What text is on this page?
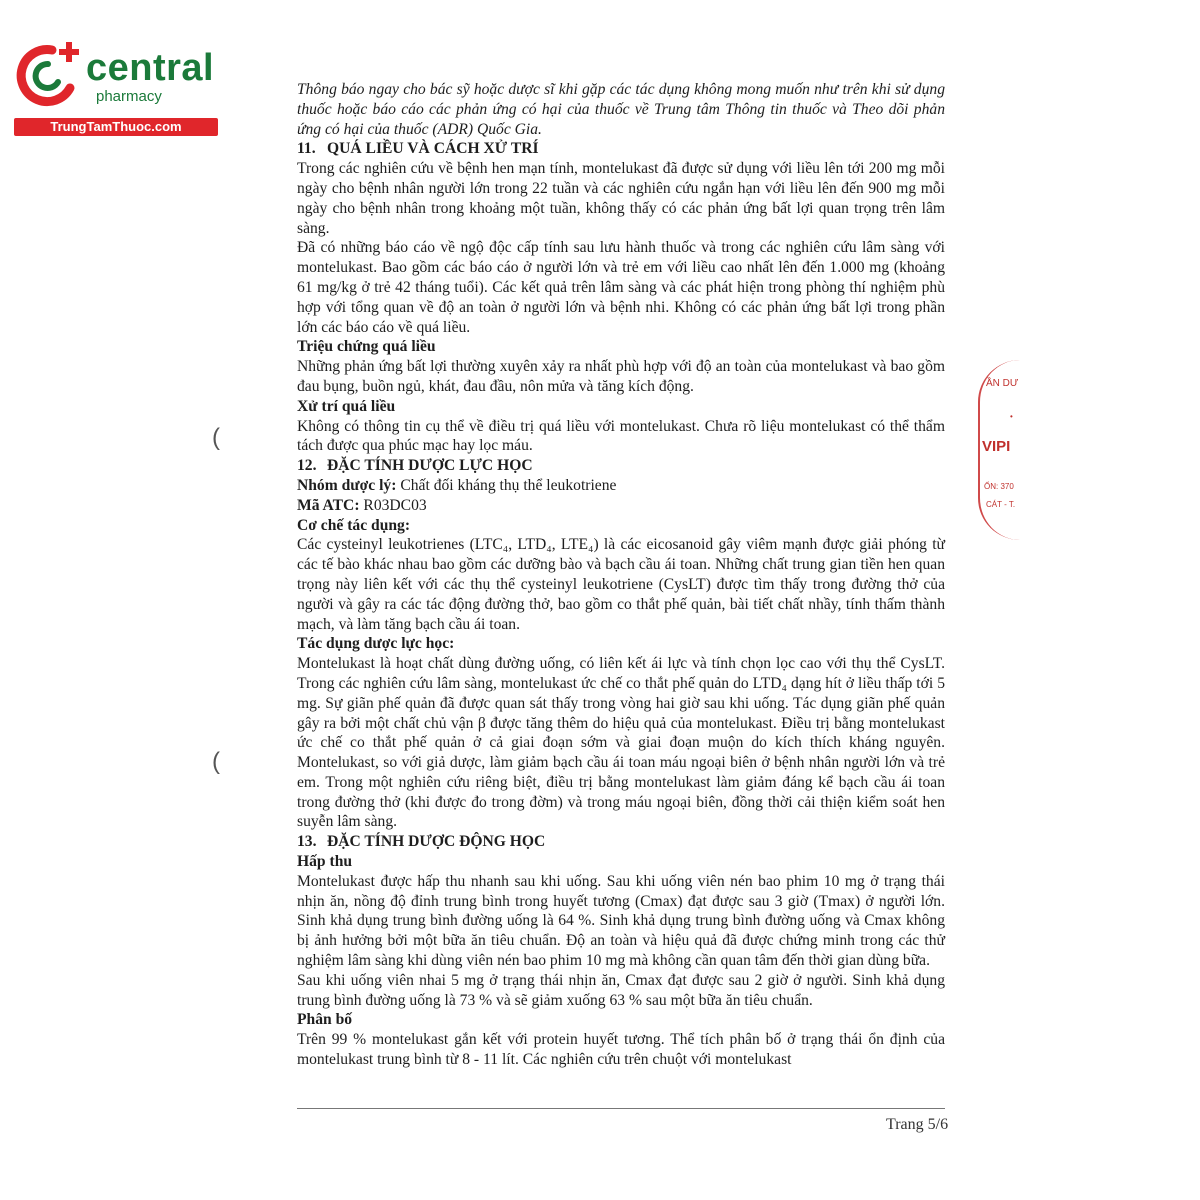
central
pharmacy
TrungTamThuoc.com
(
(
ẦN DƯ
•
VIPI
ỐN: 370
CÁT - T.

Thông báo ngay cho bác sỹ hoặc dược sĩ khi gặp các tác dụng không mong muốn như trên khi sử dụng thuốc hoặc báo cáo các phản ứng có hại của thuốc về Trung tâm Thông tin thuốc và Theo dõi phản ứng có hại của thuốc (ADR) Quốc Gia.

11. QUÁ LIỀU VÀ CÁCH XỬ TRÍ

Trong các nghiên cứu về bệnh hen mạn tính, montelukast đã được sử dụng với liều lên tới 200 mg mỗi ngày cho bệnh nhân người lớn trong 22 tuần và các nghiên cứu ngắn hạn với liều lên đến 900 mg mỗi ngày cho bệnh nhân trong khoảng một tuần, không thấy có các phản ứng bất lợi quan trọng trên lâm sàng.

Đã có những báo cáo về ngộ độc cấp tính sau lưu hành thuốc và trong các nghiên cứu lâm sàng với montelukast. Bao gồm các báo cáo ở người lớn và trẻ em với liều cao nhất lên đến 1.000 mg (khoảng 61 mg/kg ở trẻ 42 tháng tuổi). Các kết quả trên lâm sàng và các phát hiện trong phòng thí nghiệm phù hợp với tổng quan về độ an toàn ở người lớn và bệnh nhi. Không có các phản ứng bất lợi trong phần lớn các báo cáo về quá liều.

Triệu chứng quá liều

Những phản ứng bất lợi thường xuyên xảy ra nhất phù hợp với độ an toàn của montelukast và bao gồm đau bụng, buồn ngủ, khát, đau đầu, nôn mửa và tăng kích động.

Xử trí quá liều

Không có thông tin cụ thể về điều trị quá liều với montelukast. Chưa rõ liệu montelukast có thể thẩm tách được qua phúc mạc hay lọc máu.

12. ĐẶC TÍNH DƯỢC LỰC HỌC

Nhóm dược lý: Chất đối kháng thụ thể leukotriene

Mã ATC: R03DC03

Cơ chế tác dụng:

Các cysteinyl leukotrienes (LTC₄, LTD₄, LTE₄) là các eicosanoid gây viêm mạnh được giải phóng từ các tế bào khác nhau bao gồm các dưỡng bào và bạch cầu ái toan. Những chất trung gian tiền hen quan trọng này liên kết với các thụ thể cysteinyl leukotriene (CysLT) được tìm thấy trong đường thở của người và gây ra các tác động đường thở, bao gồm co thắt phế quản, bài tiết chất nhầy, tính thấm thành mạch, và làm tăng bạch cầu ái toan.

Tác dụng dược lực học:

Montelukast là hoạt chất dùng đường uống, có liên kết ái lực và tính chọn lọc cao với thụ thể CysLT. Trong các nghiên cứu lâm sàng, montelukast ức chế co thắt phế quản do LTD₄ dạng hít ở liều thấp tới 5 mg. Sự giãn phế quản đã được quan sát thấy trong vòng hai giờ sau khi uống. Tác dụng giãn phế quản gây ra bởi một chất chủ vận β được tăng thêm do hiệu quả của montelukast. Điều trị bằng montelukast ức chế co thắt phế quản ở cả giai đoạn sớm và giai đoạn muộn do kích thích kháng nguyên. Montelukast, so với giả dược, làm giảm bạch cầu ái toan máu ngoại biên ở bệnh nhân người lớn và trẻ em. Trong một nghiên cứu riêng biệt, điều trị bằng montelukast làm giảm đáng kể bạch cầu ái toan trong đường thở (khi được đo trong đờm) và trong máu ngoại biên, đồng thời cải thiện kiểm soát hen suyễn lâm sàng.

13. ĐẶC TÍNH DƯỢC ĐỘNG HỌC

Hấp thu

Montelukast được hấp thu nhanh sau khi uống. Sau khi uống viên nén bao phim 10 mg ở trạng thái nhịn ăn, nồng độ đỉnh trung bình trong huyết tương (Cmax) đạt được sau 3 giờ (Tmax) ở người lớn. Sinh khả dụng trung bình đường uống là 64 %. Sinh khả dụng trung bình đường uống và Cmax không bị ảnh hưởng bởi một bữa ăn tiêu chuẩn. Độ an toàn và hiệu quả đã được chứng minh trong các thử nghiệm lâm sàng khi dùng viên nén bao phim 10 mg mà không cần quan tâm đến thời gian dùng bữa.

Sau khi uống viên nhai 5 mg ở trạng thái nhịn ăn, Cmax đạt được sau 2 giờ ở người. Sinh khả dụng trung bình đường uống là 73 % và sẽ giảm xuống 63 % sau một bữa ăn tiêu chuẩn.

Phân bố

Trên 99 % montelukast gắn kết với protein huyết tương. Thể tích phân bố ở trạng thái ổn định của montelukast trung bình từ 8 - 11 lít. Các nghiên cứu trên chuột với montelukast

Trang 5/6
